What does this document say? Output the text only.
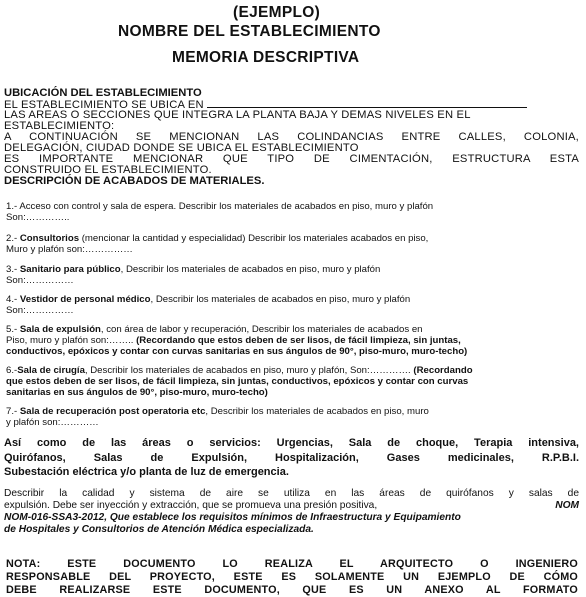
(EJEMPLO)
NOMBRE DEL ESTABLECIMIENTO
MEMORIA DESCRIPTIVA
UBICACIÓN DEL ESTABLECIMIENTO
EL ESTABLECIMIENTO SE UBICA EN
LAS AREAS O SECCIONES QUE INTEGRA LA PLANTA BAJA Y DEMAS NIVELES EN EL
ESTABLECIMIENTO:
A CONTINUACIÓN SE MENCIONAN LAS COLINDANCIAS ENTRE CALLES, COLONIA,
DELEGACIÓN, CIUDAD DONDE SE UBICA EL ESTABLECIMIENTO
ES IMPORTANTE MENCIONAR QUE TIPO DE CIMENTACIÓN, ESTRUCTURA ESTA
CONSTRUIDO EL ESTABLECIMIENTO.
DESCRIPCIÓN DE ACABADOS DE MATERIALES.
1.- Acceso con control y sala de espera. Describir los materiales de acabados en piso, muro y plafón
Son:…………..
2.- Consultorios (mencionar la cantidad y especialidad) Describir los materiales acabados en piso,
Muro y plafón son:……………
3.- Sanitario para público, Describir los materiales de acabados en piso, muro y plafón
Son:……………
4.- Vestidor de personal médico, Describir los materiales de acabados en piso, muro y plafón
Son:……………
5.- Sala de expulsión, con área de labor y recuperación, Describir los materiales de acabados en
Piso, muro y plafón son:…….. (Recordando que estos deben de ser lisos, de fácil limpieza, sin juntas,
conductivos, epóxicos y contar con curvas sanitarias en sus ángulos de 90°, piso-muro, muro-techo)
6.-Sala de cirugía, Describir los materiales de acabados en piso, muro y plafón, Son:…………. (Recordando
que estos deben de ser lisos, de fácil limpieza, sin juntas, conductivos, epóxicos y contar con curvas
sanitarias en sus ángulos de 90°, piso-muro, muro-techo)
7.- Sala de recuperación post operatoria etc, Describir los materiales de acabados en piso, muro
y plafón son:…………
Así como de las áreas o servicios: Urgencias, Sala de choque, Terapia intensiva,
Quirófanos, Salas de Expulsión, Hospitalización, Gases medicinales, R.P.B.I.
Subestación eléctrica y/o planta de luz de emergencia.
Describir la calidad y sistema de aire se utiliza en las áreas de quirófanos y salas de
expulsión. Debe ser inyección y extracción, que se promueva una presión positiva,	NOM
NOM-016-SSA3-2012, Que establece los requisitos mínimos de Infraestructura y Equipamiento
de Hospitales y Consultorios de Atención Médica especializada.
NOTA: ESTE DOCUMENTO LO REALIZA EL ARQUITECTO O INGENIERO
RESPONSABLE DEL PROYECTO, ESTE ES SOLAMENTE UN EJEMPLO DE CÓMO
DEBE REALIZARSE ESTE DOCUMENTO, QUE ES UN ANEXO AL FORMATO
